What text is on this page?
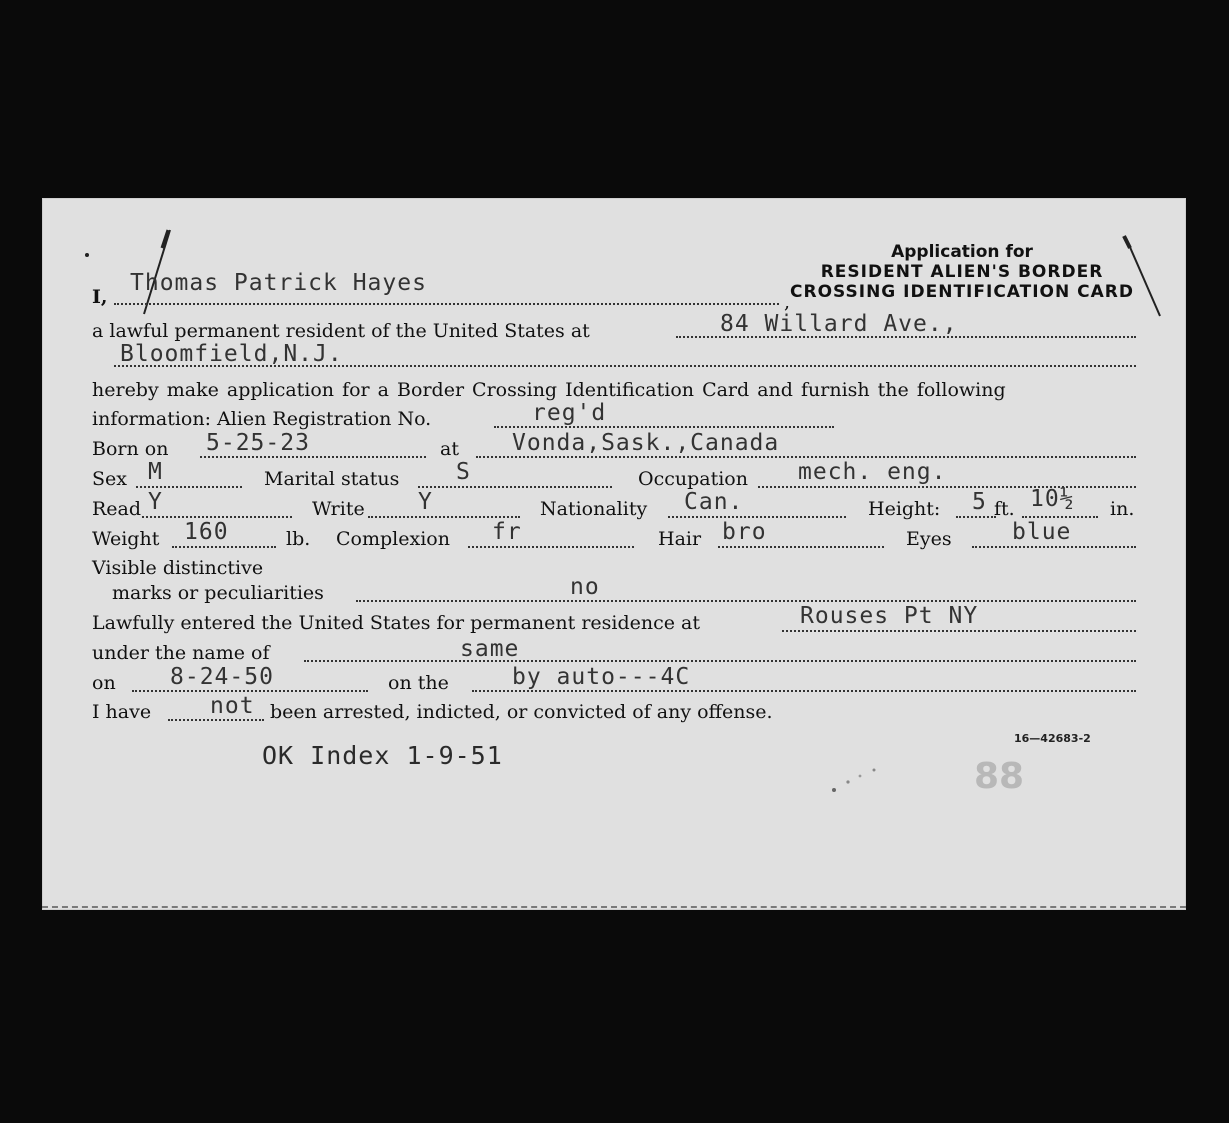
Application for
RESIDENT ALIEN'S BORDER
CROSSING IDENTIFICATION CARD
I,
Thomas Patrick Hayes
,
a lawful permanent resident of the United States at	84 Willard Ave.,
Bloomfield,N.J.
hereby make application for a Border Crossing Identification Card and furnish the following
information: Alien Registration No.	reg'd
Born on 5-25-23	at Vonda,Sask.,Canada
Sex M	Marital status S	Occupation mech. eng.
Read Y	Write Y	Nationality Can.	Height: 5 ft. 10½ in.
Weight 160	lb. Complexion fr	Hair bro	Eyes	blue
Visible distinctive
marks or peculiarities	no
Lawfully entered the United States for permanent residence at	Rouses Pt NY
under the name of	same
on 8-24-50	on the	by auto---4C
I have	not been arrested, indicted, or convicted of any offense.
16—42683-2
OK Index 1-9-51
88
